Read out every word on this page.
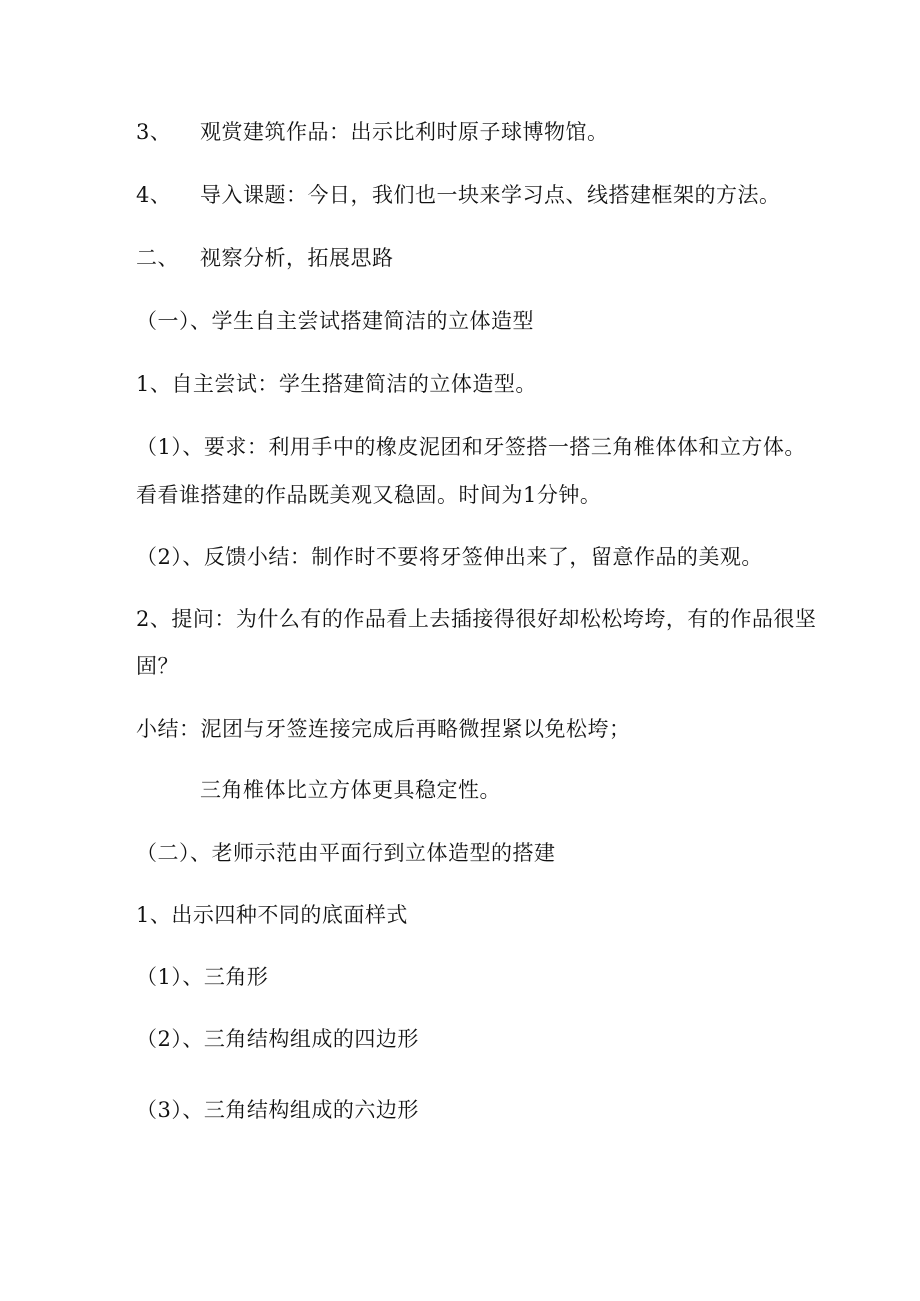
3、 观赏建筑作品：出示比利时原子球博物馆。
4、 导入课题：今日，我们也一块来学习点、线搭建框架的方法。
二、 视察分析，拓展思路
（一）、学生自主尝试搭建简洁的立体造型
1、自主尝试：学生搭建简洁的立体造型。
（1）、要求：利用手中的橡皮泥团和牙签搭一搭三角椎体体和立方体。
看看谁搭建的作品既美观又稳固。时间为1分钟。
（2）、反馈小结：制作时不要将牙签伸出来了，留意作品的美观。
2、提问：为什么有的作品看上去插接得很好却松松垮垮，有的作品很坚
固？
小结：泥团与牙签连接完成后再略微捏紧以免松垮；
三角椎体比立方体更具稳定性。
（二）、老师示范由平面行到立体造型的搭建
1、出示四种不同的底面样式
（1）、三角形
（2）、三角结构组成的四边形
（3）、三角结构组成的六边形
